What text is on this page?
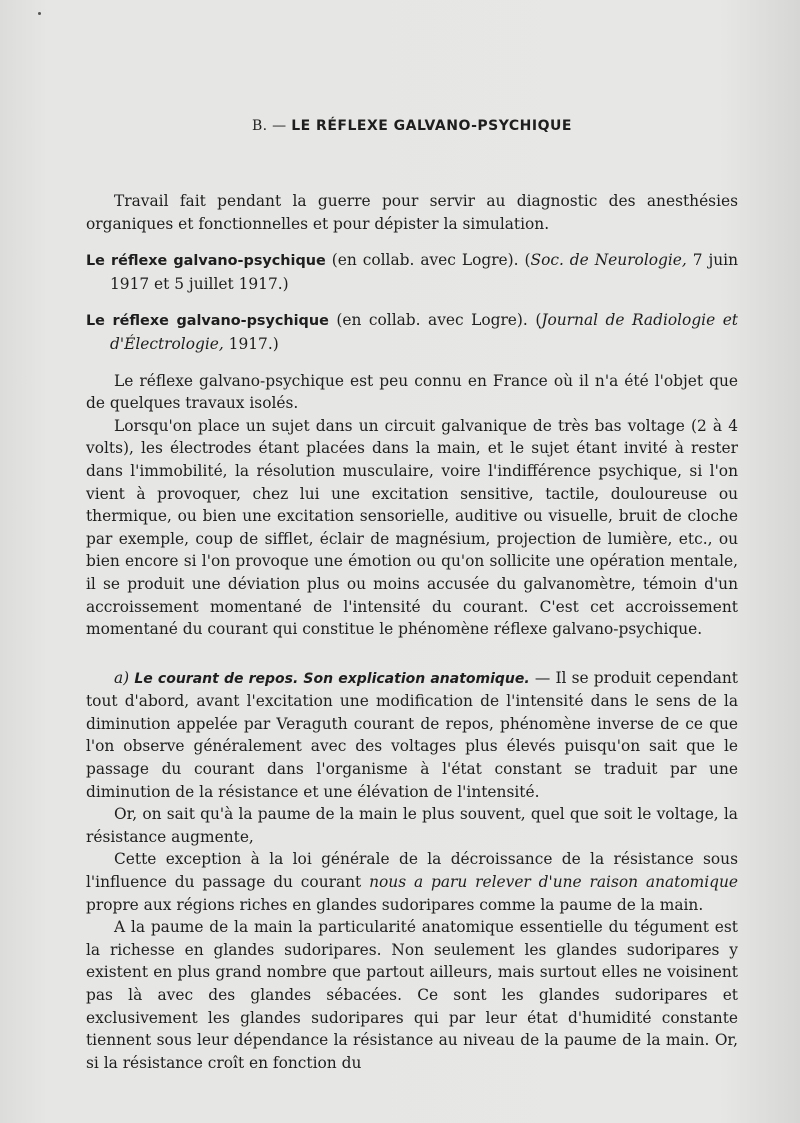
B. — LE RÉFLEXE GALVANO-PSYCHIQUE

Travail fait pendant la guerre pour servir au diagnostic des anesthésies organiques et fonctionnelles et pour dépister la simulation.

Le réflexe galvano-psychique (en collab. avec Logre). (Soc. de Neurologie, 7 juin 1917 et 5 juillet 1917.)

Le réflexe galvano-psychique (en collab. avec Logre). (Journal de Radiologie et d'Électrologie, 1917.)

Le réflexe galvano-psychique est peu connu en France où il n'a été l'objet que de quelques travaux isolés.

Lorsqu'on place un sujet dans un circuit galvanique de très bas voltage (2 à 4 volts), les électrodes étant placées dans la main, et le sujet étant invité à rester dans l'immobilité, la résolution musculaire, voire l'indifférence psychique, si l'on vient à provoquer, chez lui une excitation sensitive, tactile, douloureuse ou thermique, ou bien une excitation sensorielle, auditive ou visuelle, bruit de cloche par exemple, coup de sifflet, éclair de magnésium, projection de lumière, etc., ou bien encore si l'on provoque une émotion ou qu'on sollicite une opération mentale, il se produit une déviation plus ou moins accusée du galvanomètre, témoin d'un accroissement momentané de l'intensité du courant. C'est cet accroissement momentané du courant qui constitue le phénomène réflexe galvano-psychique.

a) Le courant de repos. Son explication anatomique. — Il se produit cependant tout d'abord, avant l'excitation une modification de l'intensité dans le sens de la diminution appelée par Veraguth courant de repos, phénomène inverse de ce que l'on observe généralement avec des voltages plus élevés puisqu'on sait que le passage du courant dans l'organisme à l'état constant se traduit par une diminution de la résistance et une élévation de l'intensité.

Or, on sait qu'à la paume de la main le plus souvent, quel que soit le voltage, la résistance augmente,

Cette exception à la loi générale de la décroissance de la résistance sous l'influence du passage du courant nous a paru relever d'une raison anatomique propre aux régions riches en glandes sudoripares comme la paume de la main.

A la paume de la main la particularité anatomique essentielle du tégument est la richesse en glandes sudoripares. Non seulement les glandes sudoripares y existent en plus grand nombre que partout ailleurs, mais surtout elles ne voisinent pas là avec des glandes sébacées. Ce sont les glandes sudoripares et exclusivement les glandes sudoripares qui par leur état d'humidité constante tiennent sous leur dépendance la résistance au niveau de la paume de la main. Or, si la résistance croît en fonction du
